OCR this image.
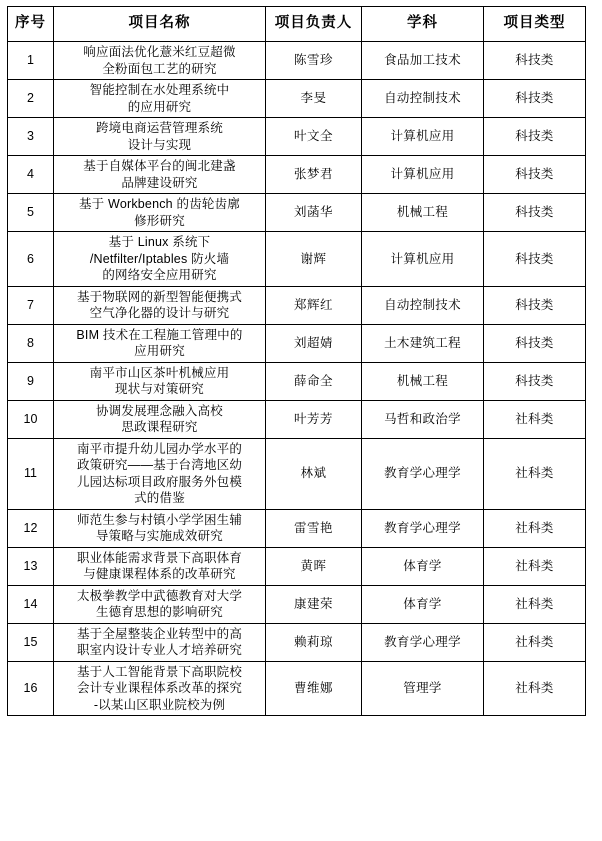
序号	项目名称	项目负责人	学科	项目类型
1	响应面法优化薏米红豆超微
全粉面包工艺的研究	陈雪珍	食品加工技术	科技类
2	智能控制在水处理系统中
的应用研究	李旻	自动控制技术	科技类
3	跨境电商运营管理系统
设计与实现	叶文全	计算机应用	科技类
4	基于自媒体平台的闽北建盏
品牌建设研究	张梦君	计算机应用	科技类
5	基于 Workbench 的齿轮齿廓
修形研究	刘菡华	机械工程	科技类
6	基于 Linux 系统下
/Netfilter/Iptables 防火墙
的网络安全应用研究	谢辉	计算机应用	科技类
7	基于物联网的新型智能便携式
空气净化器的设计与研究	郑辉红	自动控制技术	科技类
8	BIM 技术在工程施工管理中的
应用研究	刘超婧	土木建筑工程	科技类
9	南平市山区茶叶机械应用
现状与对策研究	薛命全	机械工程	科技类
10	协调发展理念融入高校
思政课程研究	叶芳芳	马哲和政治学	社科类
11	南平市提升幼儿园办学水平的
政策研究——基于台湾地区幼
儿园达标项目政府服务外包模
式的借鉴	林斌	教育学心理学	社科类
12	师范生参与村镇小学学困生辅
导策略与实施成效研究	雷雪艳	教育学心理学	社科类
13	职业体能需求背景下高职体育
与健康课程体系的改革研究	黄晖	体育学	社科类
14	太极拳教学中武德教育对大学
生德育思想的影响研究	康建荣	体育学	社科类
15	基于全屋整装企业转型中的高
职室内设计专业人才培养研究	赖莉琼	教育学心理学	社科类
16	基于人工智能背景下高职院校
会计专业课程体系改革的探究
-以某山区职业院校为例	曹维娜	管理学	社科类
